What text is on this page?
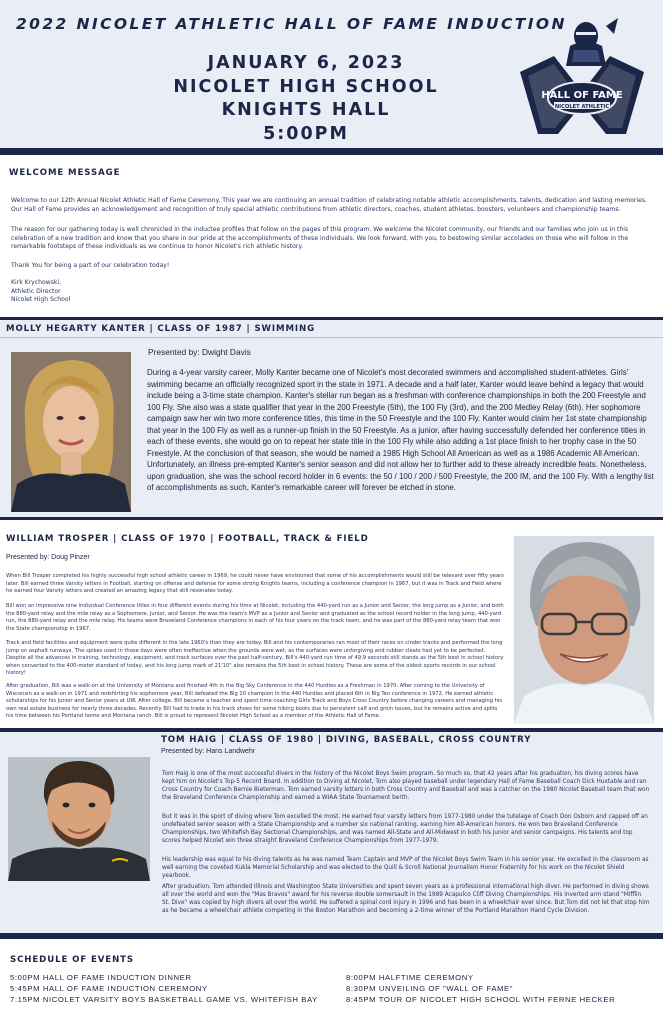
2022 NICOLET ATHLETIC HALL OF FAME INDUCTION
JANUARY 6, 2023
NICOLET HIGH SCHOOL
KNIGHTS HALL
5:00PM
HALL OF FAME
NICOLET ATHLETIC
WELCOME MESSAGE

Welcome to our 12th Annual Nicolet Athletic Hall of Fame Ceremony. This year we are continuing an annual tradition of celebrating notable athletic accomplishments, talents, dedication and lasting memories. Our Hall of Fame provides an acknowledgement and recognition of truly special athletic contributions from athletic directors, coaches, student athletes, boosters, volunteers and championship teams.

The reason for our gathering today is well chronicled in the inductee profiles that follow on the pages of this program. We welcome the Nicolet community, our friends and our families who join us in this celebration of a new tradition and know that you share in our pride at the accomplishments of these individuals. We look forward, with you, to bestowing similar accolades on those who will follow in the remarkable footsteps of these individuals as we continue to honor Nicolet's rich athletic history.

Thank You for being a part of our celebration today!

Kirk Krychowski,
Athletic Director
Nicolet High School
MOLLY HEGARTY KANTER | CLASS OF 1987 | SWIMMING
Presented by: Dwight Davis
During a 4-year varsity career, Molly Kanter became one of Nicolet's most decorated swimmers and accomplished student-athletes. Girls' swimming became an officially recognized sport in the state in 1971. A decade and a half later, Kanter would leave behind a legacy that would include being a 3-time state champion. Kanter's stellar run began as a freshman with conference championships in both the 200 Freestyle and 100 Fly. She also was a state qualifier that year in the 200 Freestyle (5th), the 100 Fly (3rd), and the 200 Medley Relay (6th). Her sophomore campaign saw her win two more conference titles, this time in the 50 Freestyle and the 100 Fly. Kanter would claim her 1st state championship that year in the 100 Fly as well as a runner-up finish in the 50 Freestyle. As a junior, after having successfully defended her conference titles in each of these events, she would go on to repeat her state title in the 100 Fly while also adding a 1st place finish to her trophy case in the 50 Freestyle. At the conclusion of that season, she would be named a 1985 High School All American as well as a 1986 Academic All American. Unfortunately, an illness pre-empted Kanter's senior season and did not allow her to further add to these already incredible feats. Nonetheless, upon graduation, she was the school record holder in 6 events: the 50 / 100 / 200 / 500 Freestyle, the 200 IM, and the 100 Fly. With a lengthy list of accomplishments as such, Kanter's remarkable career will forever be etched in stone.
WILLIAM TROSPER | CLASS OF 1970 | FOOTBALL, TRACK & FIELD
Presented by: Doug Pinzer
When Bill Trosper completed his highly successful high school athletic career in 1969, he could never have envisioned that some of his accomplishments would still be relevant over fifty years later. Bill earned three Varsity letters in Football, starting on offense and defense for some strong Knights teams, including a conference champion in 1967, but it was in Track and Field where he earned four Varsity letters and created an amazing legacy that still resonates today.
Bill won an impressive nine individual Conference titles in four different events during his time at Nicolet, including the 440-yard run as a Junior and Senior, the long jump as a Junior, and both the 880-yard relay and the mile relay as a Sophomore, Junior, and Senior. He was the team's MVP as a Junior and Senior and graduated as the school record holder in the long jump, 440-yard run, the 880-yard relay and the mile relay. His teams were Braveland Conference champions in each of his four years on the track team, and he was part of the 880-yard relay team that won the State championship in 1967.
Track and field facilities and equipment were quite different in the late 1960's than they are today. Bill and his contemporaries ran most of their races on cinder tracks and performed the long jump on asphalt runways. The spikes used in those days were often ineffective when the grounds were wet, as the surfaces were unforgiving and rubber cleats had yet to be perfected. Despite all the advances in training, technology, equipment, and track surfaces over the past half-century, Bill's 440-yard run time of 49.9 seconds still stands as the 5th best in school history when converted to the 400-meter standard of today, and his long jump mark of 21'10" also remains the 5th best in school history. These are some of the oldest sports records in our school history!
After graduation, Bill was a walk-on at the University of Montana and finished 4th in the Big Sky Conference in the 440 Hurdles as a Freshman in 1970. After coming to the University of Wisconsin as a walk-on in 1971 and redshirting his sophomore year, Bill defeated the Big 10 champion in the 440 Hurdles and placed 6th in Big Ten conference in 1972. He earned athletic scholarships for his Junior and Senior years at UW. After college, Bill became a teacher and spent time coaching Girls Track and Boys Cross Country before changing careers and managing his own real estate business for nearly three decades. Recently Bill had to trade in his track shoes for some hiking boots due to persistent calf and groin issues, but he remains active and splits his time between his Portland home and Montana ranch. Bill is proud to represent Nicolet High School as a member of the Athletic Hall of Fame.
TOM HAIG | CLASS OF 1980 | DIVING, BASEBALL, CROSS COUNTRY
Presented by: Hans Landwehr
Tom Haig is one of the most successful divers in the history of the Nicolet Boys Swim program. So much so, that 42 years after his graduation, his diving scores have kept him on Nicolet's Top-5 Record Board. In addition to Diving at Nicolet, Tom also played baseball under legendary Hall of Fame Baseball Coach Dick Huxtable and ran Cross Country for Coach Bernie Bieterman. Tom earned varsity letters in both Cross Country and Baseball and was a catcher on the 1980 Nicolet Baseball team that won the Braveland Conference Championship and earned a WIAA State Tournament berth.
But it was in the sport of diving where Tom excelled the most. He earned four varsity letters from 1977-1980 under the tutelage of Coach Don Osborn and capped off an undefeated senior season with a State Championship and a number six national ranking, earning him All-American honors. He won two Braveland Conference Championships, two Whitefish Bay Sectional Championships, and was named All-State and All-Midwest in both his junior and senior campaigns. His talents and top scores helped Nicolet win three straight Braveland Conference Championships from 1977-1979.
His leadership was equal to his diving talents as he was named Team Captain and MVP of the Nicolet Boys Swim Team in his senior year. He excelled in the classroom as well earning the coveted Kukla Memorial Scholarship and was elected to the Quill & Scroll National Journalism Honor Fraternity for his work on the Nicolet Shield yearbook.
After graduation, Tom attended Illinois and Washington State Universities and spent seven years as a professional international high diver. He performed in diving shows all over the world and won the "Mas Bravos" award for his reverse double somersault in the 1989 Acapulco Cliff Diving Championships. His inverted arm stand "Mifflin St. Dive" was copied by high divers all over the world. He suffered a spinal cord injury in 1996 and has been in a wheelchair ever since. But Tom did not let that stop him as he became a wheelchair athlete competing in the Boston Marathon and becoming a 2-time winner of the Portland Marathon Hand Cycle Division.
SCHEDULE OF EVENTS
5:00PM HALL OF FAME INDUCTION DINNER
5:45PM HALL OF FAME INDUCTION CEREMONY
7:15PM NICOLET VARSITY BOYS BASKETBALL GAME VS. WHITEFISH BAY
8:00PM HALFTIME CEREMONY
8:30PM UNVEILING OF "WALL OF FAME"
8:45PM TOUR OF NICOLET HIGH SCHOOL WITH FERNE HECKER
